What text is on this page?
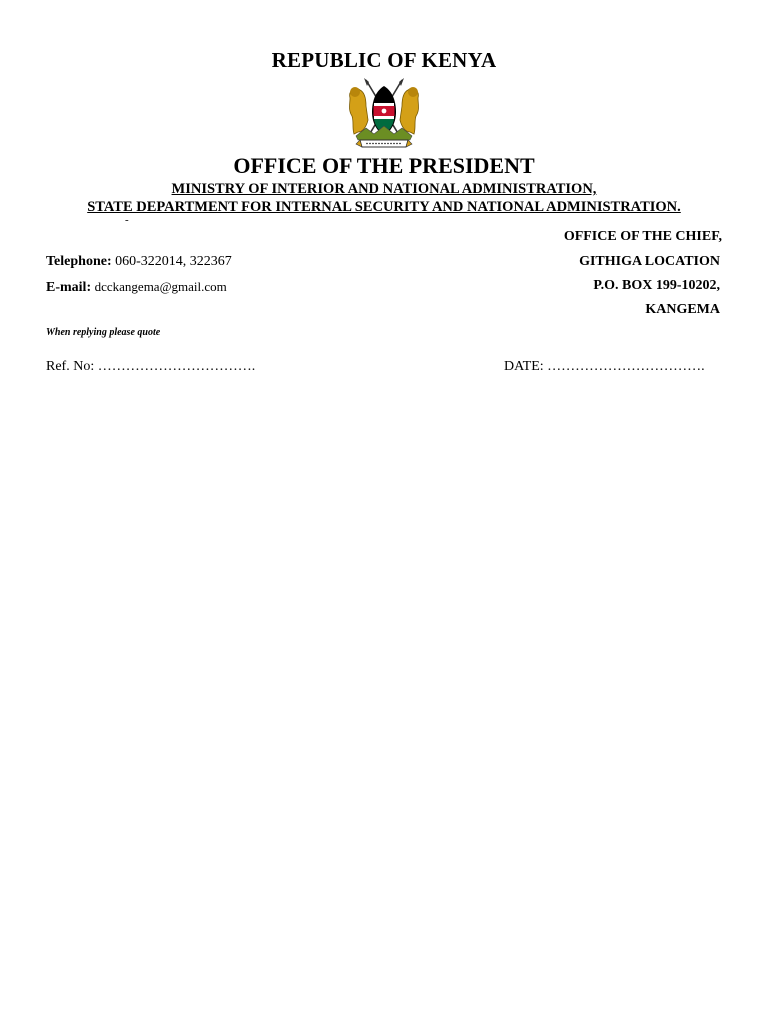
REPUBLIC OF KENYA
OFFICE OF THE PRESIDENT
MINISTRY OF INTERIOR AND NATIONAL ADMINISTRATION,
STATE DEPARTMENT FOR INTERNAL SECURITY AND NATIONAL ADMINISTRATION.
-
Telephone: 060-322014, 322367
E-mail: dcckangema@gmail.com
When replying please quote
OFFICE OF THE CHIEF,
GITHIGA LOCATION
P.O. BOX 199-10202,
KANGEMA
Ref. No: …………………………….	DATE: …………………………….
